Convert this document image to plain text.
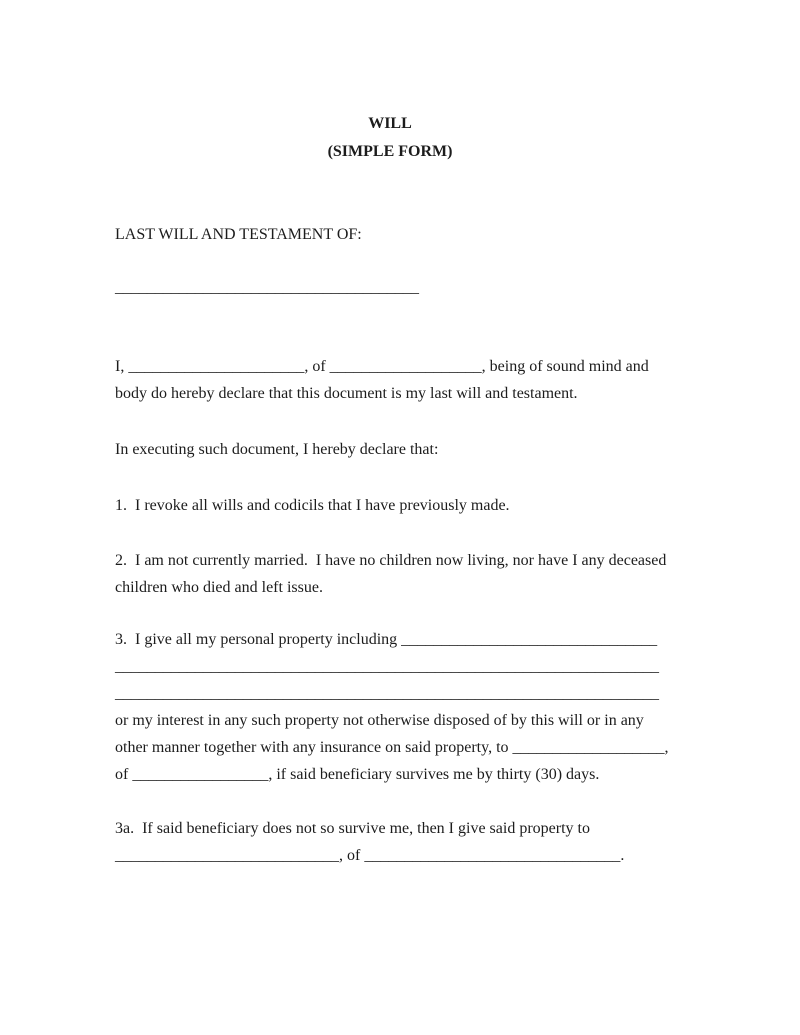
WILL
(SIMPLE FORM)
LAST WILL AND TESTAMENT OF:
______________________________________
I, ______________________, of ___________________, being of sound mind and
body do hereby declare that this document is my last will and testament.
In executing such document, I hereby declare that:
1.  I revoke all wills and codicils that I have previously made.
2.  I am not currently married.  I have no children now living, nor have I any deceased
children who died and left issue.
3.  I give all my personal property including ________________________________
____________________________________________________________________
____________________________________________________________________
or my interest in any such property not otherwise disposed of by this will or in any
other manner together with any insurance on said property, to ___________________,
of _________________, if said beneficiary survives me by thirty (30) days.
3a.  If said beneficiary does not so survive me, then I give said property to
____________________________, of ________________________________.
